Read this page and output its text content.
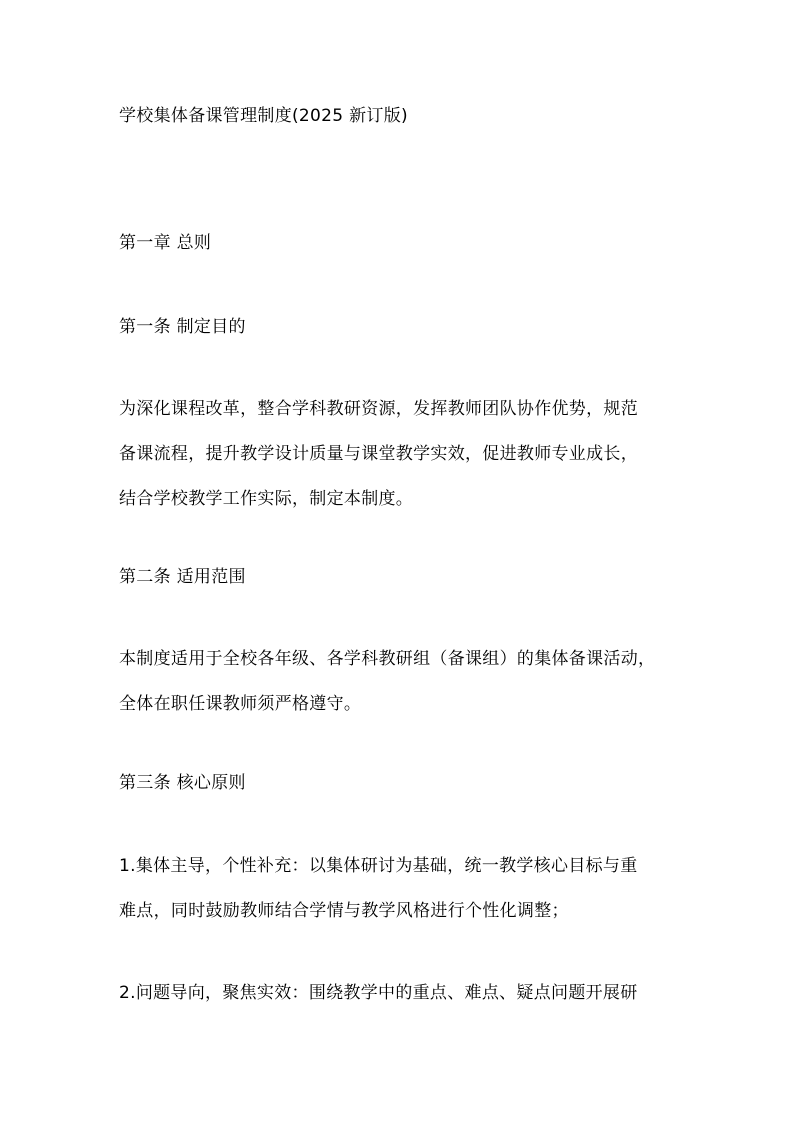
学校集体备课管理制度(2025 新订版)
第一章 总则
第一条 制定目的
为深化课程改革，整合学科教研资源，发挥教师团队协作优势，规范
备课流程，提升教学设计质量与课堂教学实效，促进教师专业成长，
结合学校教学工作实际，制定本制度。
第二条 适用范围
本制度适用于全校各年级、各学科教研组（备课组）的集体备课活动，
全体在职任课教师须严格遵守。
第三条 核心原则
1.集体主导，个性补充：以集体研讨为基础，统一教学核心目标与重
难点，同时鼓励教师结合学情与教学风格进行个性化调整；
2.问题导向，聚焦实效：围绕教学中的重点、难点、疑点问题开展研
